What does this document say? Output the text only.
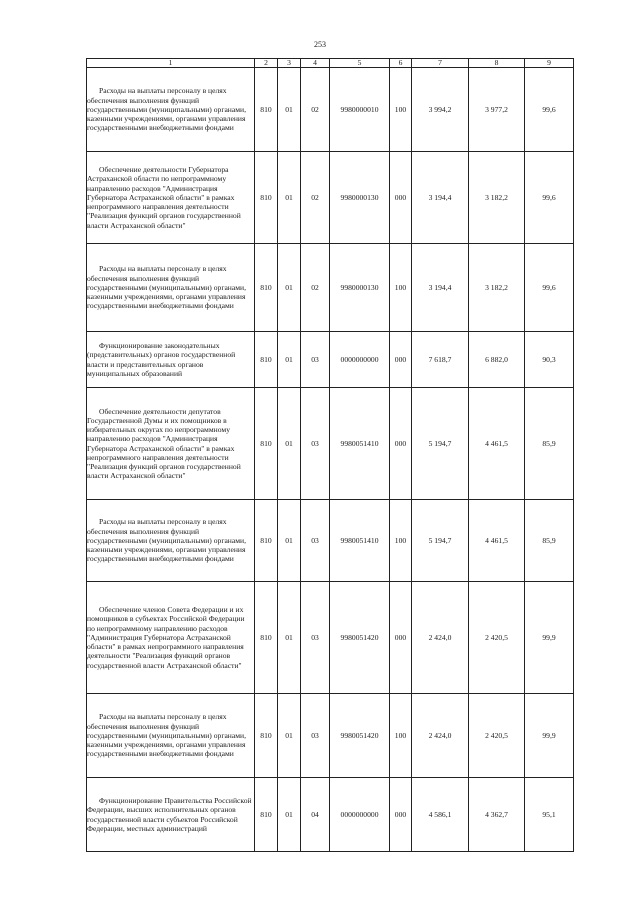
253
1	2	3	4	5	6	7	8	9

Расходы на выплаты персоналу в целях обеспечения выполнения функций государственными (муниципальными) органами, казенными учреждениями, органами управления государственными внебюджетными фондами	810	01	02	9980000010	100	3 994,2	3 977,2	99,6

Обеспечение деятельности Губернатора Астраханской области по непрограммному направлению расходов "Администрация Губернатора Астраханской области" в рамках непрограммного направления деятельности "Реализация функций органов государственной власти Астраханской области"	810	01	02	9980000130	000	3 194,4	3 182,2	99,6

Расходы на выплаты персоналу в целях обеспечения выполнения функций государственными (муниципальными) органами, казенными учреждениями, органами управления государственными внебюджетными фондами	810	01	02	9980000130	100	3 194,4	3 182,2	99,6

Функционирование законодательных (представительных) органов государственной власти и представительных органов муниципальных образований	810	01	03	0000000000	000	7 618,7	6 882,0	90,3

Обеспечение деятельности депутатов Государственной Думы и их помощников в избирательных округах по непрограммному направлению расходов "Администрация Губернатора Астраханской области" в рамках непрограммного направления деятельности "Реализация функций органов государственной власти Астраханской области"	810	01	03	9980051410	000	5 194,7	4 461,5	85,9

Расходы на выплаты персоналу в целях обеспечения выполнения функций государственными (муниципальными) органами, казенными учреждениями, органами управления государственными внебюджетными фондами	810	01	03	9980051410	100	5 194,7	4 461,5	85,9

Обеспечение членов Совета Федерации и их помощников в субъектах Российской Федерации по непрограммному направлению расходов "Администрация Губернатора Астраханской области" в рамках непрограммного направления деятельности "Реализация функций органов государственной власти Астраханской области"	810	01	03	9980051420	000	2 424,0	2 420,5	99,9

Расходы на выплаты персоналу в целях обеспечения выполнения функций государственными (муниципальными) органами, казенными учреждениями, органами управления государственными внебюджетными фондами	810	01	03	9980051420	100	2 424,0	2 420,5	99,9

Функционирование Правительства Российской Федерации, высших исполнительных органов государственной власти субъектов Российской Федерации, местных администраций	810	01	04	0000000000	000	4 586,1	4 362,7	95,1
